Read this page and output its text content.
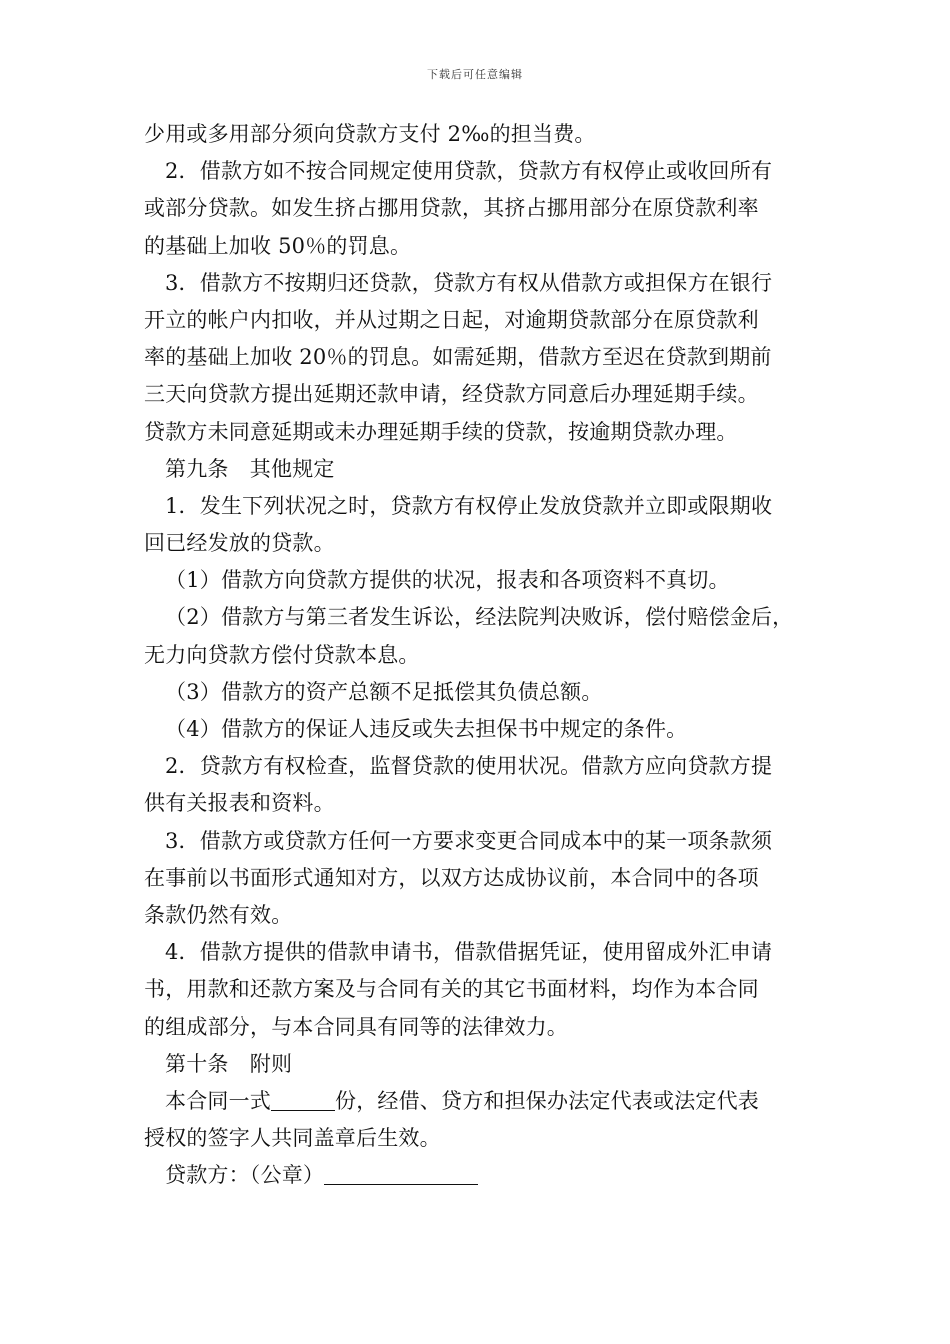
下载后可任意编辑
少用或多用部分须向贷款方支付 2‰的担当费。
2．借款方如不按合同规定使用贷款，贷款方有权停止或收回所有
或部分贷款。如发生挤占挪用贷款，其挤占挪用部分在原贷款利率
的基础上加收 50％的罚息。
3．借款方不按期归还贷款，贷款方有权从借款方或担保方在银行
开立的帐户内扣收，并从过期之日起，对逾期贷款部分在原贷款利
率的基础上加收 20％的罚息。如需延期，借款方至迟在贷款到期前
三天向贷款方提出延期还款申请，经贷款方同意后办理延期手续。
贷款方未同意延期或未办理延期手续的贷款，按逾期贷款办理。
第九条　其他规定
1．发生下列状况之时，贷款方有权停止发放贷款并立即或限期收
回已经发放的贷款。
（1）借款方向贷款方提供的状况，报表和各项资料不真切。
（2）借款方与第三者发生诉讼，经法院判决败诉，偿付赔偿金后，
无力向贷款方偿付贷款本息。
（3）借款方的资产总额不足抵偿其负债总额。
（4）借款方的保证人违反或失去担保书中规定的条件。
2．贷款方有权检查，监督贷款的使用状况。借款方应向贷款方提
供有关报表和资料。
3．借款方或贷款方任何一方要求变更合同成本中的某一项条款须
在事前以书面形式通知对方，以双方达成协议前，本合同中的各项
条款仍然有效。
4．借款方提供的借款申请书，借款借据凭证，使用留成外汇申请
书，用款和还款方案及与合同有关的其它书面材料，均作为本合同
的组成部分，与本合同具有同等的法律效力。
第十条　附则
本合同一式	份，经借、贷方和担保办法定代表或法定代表
授权的签字人共同盖章后生效。
贷款方：（公章）
